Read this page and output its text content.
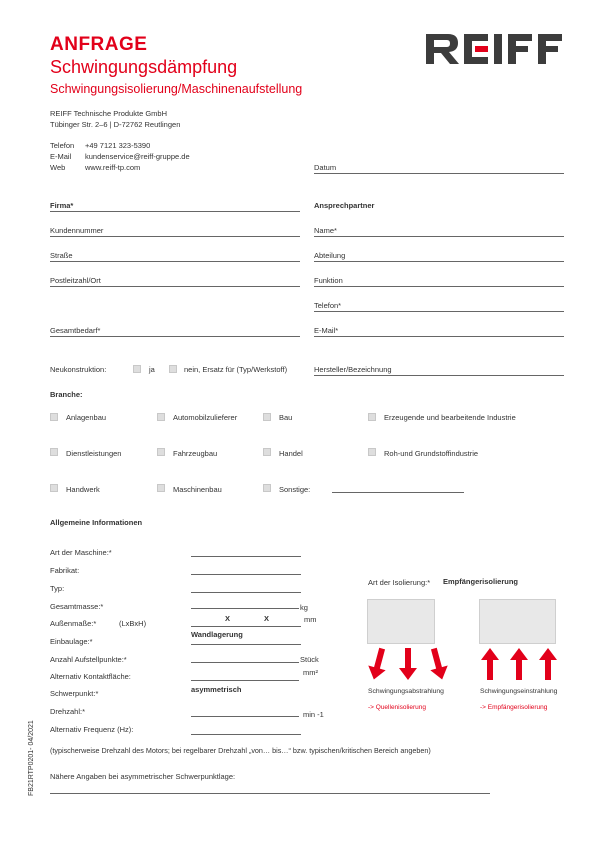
ANFRAGE
Schwingungsdämpfung
Schwingungsisolierung/Maschinenaufstellung
REIFF Technische Produkte GmbH
Tübinger Str. 2–6 | D-72762 Reutlingen
Telefon +49 7121 323-5390
E-Mail kundenservice@reiff-gruppe.de
Web	www.reiff-tp.com	Datum
Firma*	Ansprechpartner
Kundennummer	Name*
Straße	Abteilung
Postleitzahl/Ort	Funktion
Telefon*
Gesamtbedarf*	E-Mail*
Neukonstruktion:	ja	nein, Ersatz für (Typ/Werkstoff)	Hersteller/Bezeichnung
Branche:
Anlagenbau	Automobilzulieferer	Bau	Erzeugende und bearbeitende Industrie
Dienstleistungen	Fahrzeugbau	Handel	Roh-und Grundstoffindustrie
Handwerk	Maschinenbau	Sonstige:
Allgemeine Informationen
Art der Maschine:*
Fabrikat:
Typ:
Gesamtmasse:*	kg
Außenmaße:*	(LxBxH)
X	X	mm
Einbaulage:*
Wandlagerung
Anzahl Aufstellpunkte:*	Stück
Alternativ Kontaktfläche:	mm²
Schwerpunkt:*	asymmetrisch
Drehzahl:*	min -1
Alternativ Frequenz (Hz):
(typischerweise Drehzahl des Motors; bei regelbarer Drehzahl „von… bis…“ bzw. typischen/kritischen Bereich angeben)
Nähere Angaben bei asymmetrischer Schwerpunktlage:
Art der Isolierung:* Empfängerisolierung
Schwingungsabstrahlung
-> Quellenisolierung
Schwingungseinstrahlung
-> Empfängerisolierung
FB21RTP0201- 04/2021
